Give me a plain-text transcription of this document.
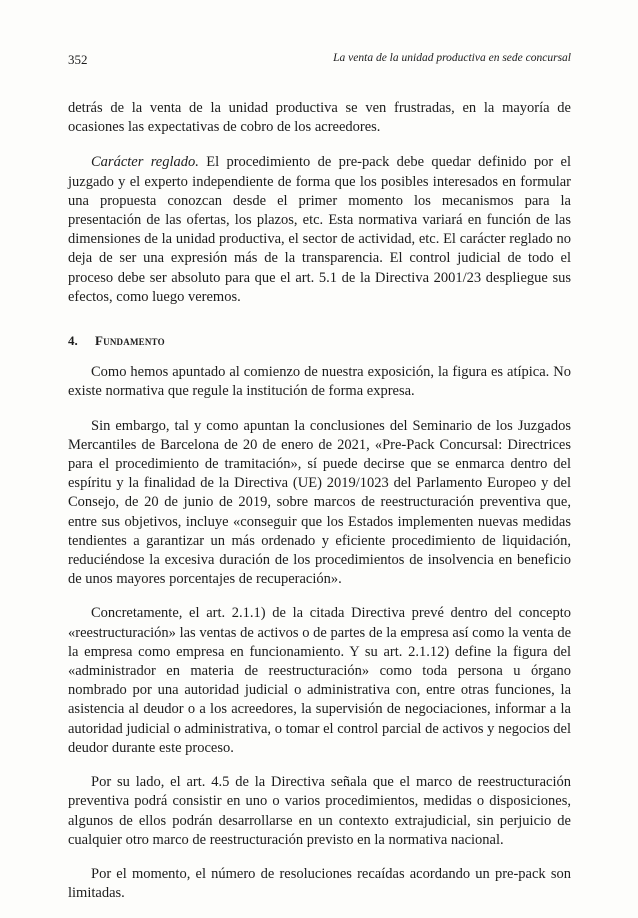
352	La venta de la unidad productiva en sede concursal

detrás de la venta de la unidad productiva se ven frustradas, en la mayoría de ocasiones las expectativas de cobro de los acreedores.

Carácter reglado. El procedimiento de pre-pack debe quedar definido por el juzgado y el experto independiente de forma que los posibles interesados en formular una propuesta conozcan desde el primer momento los mecanismos para la presentación de las ofertas, los plazos, etc. Esta normativa variará en función de las dimensiones de la unidad productiva, el sector de actividad, etc. El carácter reglado no deja de ser una expresión más de la transparencia. El control judicial de todo el proceso debe ser absoluto para que el art. 5.1 de la Directiva 2001/23 despliegue sus efectos, como luego veremos.

4.	Fundamento

Como hemos apuntado al comienzo de nuestra exposición, la figura es atípica. No existe normativa que regule la institución de forma expresa.

Sin embargo, tal y como apuntan la conclusiones del Seminario de los Juzgados Mercantiles de Barcelona de 20 de enero de 2021, «Pre-Pack Concursal: Directrices para el procedimiento de tramitación», sí puede decirse que se enmarca dentro del espíritu y la finalidad de la Directiva (UE) 2019/1023 del Parlamento Europeo y del Consejo, de 20 de junio de 2019, sobre marcos de reestructuración preventiva que, entre sus objetivos, incluye «conseguir que los Estados implementen nuevas medidas tendientes a garantizar un más ordenado y eficiente procedimiento de liquidación, reduciéndose la excesiva duración de los procedimientos de insolvencia en beneficio de unos mayores porcentajes de recuperación».

Concretamente, el art. 2.1.1) de la citada Directiva prevé dentro del concepto «reestructuración» las ventas de activos o de partes de la empresa así como la venta de la empresa como empresa en funcionamiento. Y su art. 2.1.12) define la figura del «administrador en materia de reestructuración» como toda persona u órgano nombrado por una autoridad judicial o administrativa con, entre otras funciones, la asistencia al deudor o a los acreedores, la supervisión de negociaciones, informar a la autoridad judicial o administrativa, o tomar el control parcial de activos y negocios del deudor durante este proceso.

Por su lado, el art. 4.5 de la Directiva señala que el marco de reestructuración preventiva podrá consistir en uno o varios procedimientos, medidas o disposiciones, algunos de ellos podrán desarrollarse en un contexto extrajudicial, sin perjuicio de cualquier otro marco de reestructuración previsto en la normativa nacional.

Por el momento, el número de resoluciones recaídas acordando un pre-pack son limitadas.
